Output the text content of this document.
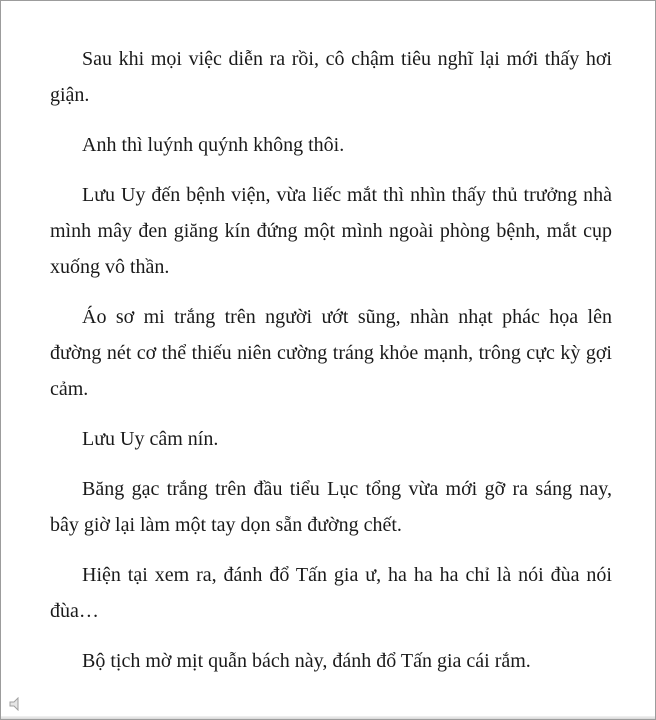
Sau khi mọi việc diễn ra rồi, cô chậm tiêu nghĩ lại mới thấy hơi giận.

Anh thì luýnh quýnh không thôi.

Lưu Uy đến bệnh viện, vừa liếc mắt thì nhìn thấy thủ trưởng nhà mình mây đen giăng kín đứng một mình ngoài phòng bệnh, mắt cụp xuống vô thần.

Áo sơ mi trắng trên người ướt sũng, nhàn nhạt phác họa lên đường nét cơ thể thiếu niên cường tráng khỏe mạnh, trông cực kỳ gợi cảm.

Lưu Uy câm nín.

Băng gạc trắng trên đầu tiểu Lục tổng vừa mới gỡ ra sáng nay, bây giờ lại làm một tay dọn sẵn đường chết.

Hiện tại xem ra, đánh đổ Tấn gia ư, ha ha ha chỉ là nói đùa nói đùa…

Bộ tịch mờ mịt quẫn bách này, đánh đổ Tấn gia cái rắm.
